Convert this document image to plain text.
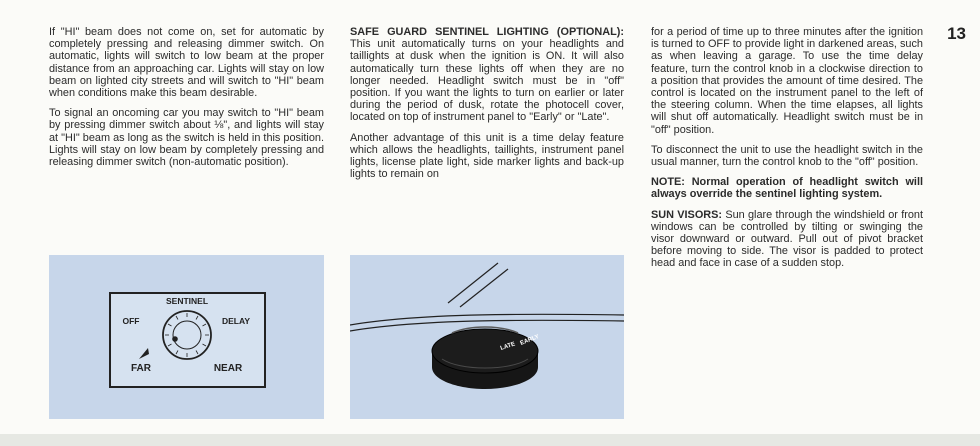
13

If "HI" beam does not come on, set for automatic by completely pressing and releasing dimmer switch. On automatic, lights will switch to low beam at the proper distance from an approaching car. Lights will stay on low beam on lighted city streets and will switch to "HI" beam when conditions make this beam desirable.

To signal an oncoming car you may switch to "HI" beam by pressing dimmer switch about ⅛", and lights will stay at "HI" beam as long as the switch is held in this position. Lights will stay on low beam by completely pressing and releasing dimmer switch (non-automatic position).

SAFE GUARD SENTINEL LIGHTING (OPTIONAL): This unit automatically turns on your headlights and taillights at dusk when the ignition is ON. It will also automatically turn these lights off when they are no longer needed. Headlight switch must be in "off" position. If you want the lights to turn on earlier or later during the period of dusk, rotate the photocell cover, located on top of instrument panel to "Early" or "Late".

Another advantage of this unit is a time delay feature which allows the headlights, taillights, instrument panel lights, license plate light, side marker lights and back-up lights to remain on

for a period of time up to three minutes after the ignition is turned to OFF to provide light in darkened areas, such as when leaving a garage. To use the time delay feature, turn the control knob in a clockwise direction to a position that provides the amount of time desired. The control is located on the instrument panel to the left of the steering column. When the time elapses, all lights will shut off automatically. Headlight switch must be in "off" position.

To disconnect the unit to use the headlight switch in the usual manner, turn the control knob to the "off" position.

NOTE: Normal operation of headlight switch will always override the sentinel lighting system.

SUN VISORS: Sun glare through the windshield or front windows can be controlled by tilting or swinging the visor downward or outward. Pull out of pivot bracket before moving to side. The visor is padded to protect head and face in case of a sudden stop.

SENTINEL
OFF	DELAY
FAR	NEAR
LATE EARLY
